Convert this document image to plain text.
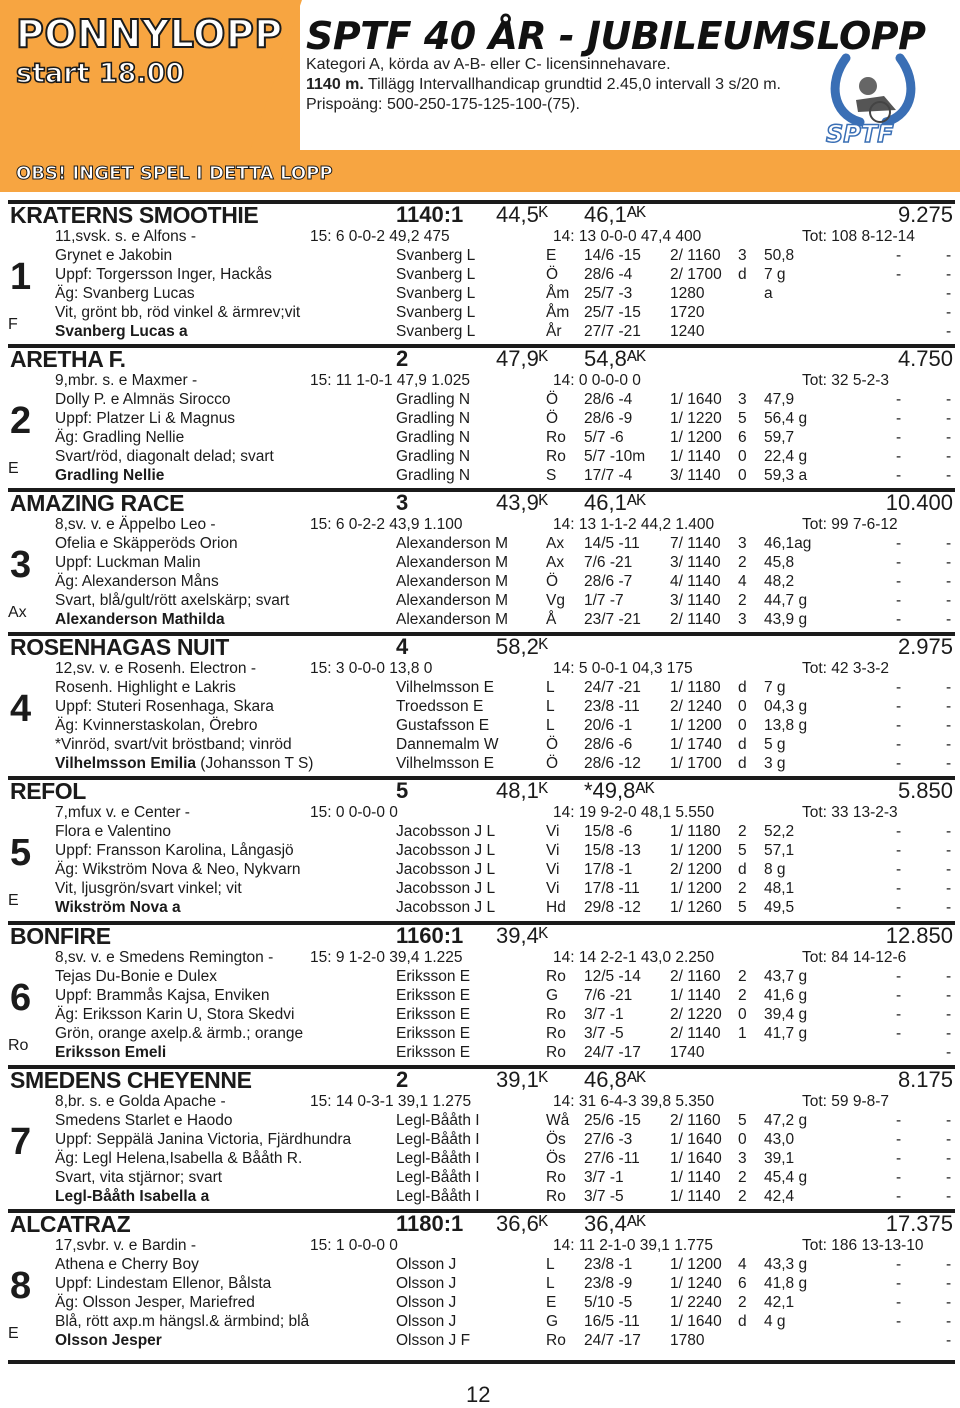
PONNYLOPP
start 18.00
SPTF 40 ÅR - JUBILEUMSLOPP
Kategori A, körda av A-B- eller C- licensinnehavare.
1140 m. Tillägg Intervallhandicap grundtid 2.45,0 intervall 3 s/20 m.
Prispoäng: 500-250-175-125-100-(75).
SPTF
OBS! INGET SPEL I DETTA LOPP
KRATERNS SMOOTHIE	1140:1 44,5ᴷ 46,1ᴬᴷ	9.275
1
F
11,svsk. s. e Alfons -
Grynet e Jakobin
Uppf: Torgersson Inger, Hackås
Äg: Svanberg Lucas
Vit, grönt bb, röd vinkel & ärmrev;vit
Svanberg Lucas a
15: 6 0-0-2 49,2 475	14: 13 0-0-0 47,4 400	Tot: 108 8-12-14
Svanberg L	E 14/6 -15 2/ 1160 3 50,8	-	-
Svanberg L	Ö 28/6 -4 2/ 1700 d 7 g	-	-
Svanberg L	Åm 25/7 -3 1280	a	-
Svanberg L	Åm 25/7 -15 1720	-
Svanberg L	År 27/7 -21 1240	-
ARETHA F.	2	47,9ᴷ 54,8ᴬᴷ	4.750
2
E
9,mbr. s. e Maxmer -
Dolly P. e Almnäs Sirocco
Uppf: Platzer Li & Magnus
Äg: Gradling Nellie
Svart/röd, diagonalt delad; svart
Gradling Nellie
15: 11 1-0-1 47,9 1.025	14: 0 0-0-0 0	Tot: 32 5-2-3
Gradling N	Ö 28/6 -4 1/ 1640 3 47,9	-	-
Gradling N	Ö 28/6 -9 1/ 1220 5 56,4 g	-	-
Gradling N	Ro 5/7 -6	1/ 1200 6 59,7	-	-
Gradling N	Ro 5/7 -10m 1/ 1140 0 22,4 g	-	-
Gradling N	S 17/7 -4 3/ 1140 0 59,3 a	-	-
AMAZING RACE	3	43,9ᴷ 46,1ᴬᴷ	10.400
3
Ax
8,sv. v. e Äppelbo Leo -
Ofelia e Skäpperöds Orion
Uppf: Luckman Malin
Äg: Alexanderson Måns
Svart, blå/gult/rött axelskärp; svart
Alexanderson Mathilda
15: 6 0-2-2 43,9 1.100	14: 13 1-1-2 44,2 1.400	Tot: 99 7-6-12
Alexanderson M Ax 14/5 -11 7/ 1140 3 46,1ag	-	-
Alexanderson M Ax 7/6 -21 3/ 1140 2 45,8	-	-
Alexanderson M Ö 28/6 -7 4/ 1140 4 48,2	-	-
Alexanderson M Vg 1/7 -7	3/ 1140 2 44,7 g	-	-
Alexanderson M Å 23/7 -21 2/ 1140 3 43,9 g	-	-
ROSENHAGAS NUIT	4	58,2ᴷ	2.975
4
12,sv. v. e Rosenh. Electron -
Rosenh. Highlight e Lakris
Uppf: Stuteri Rosenhaga, Skara
Äg: Kvinnerstaskolan, Örebro
*Vinröd, svart/vit bröstband; vinröd
Vilhelmsson Emilia (Johansson T S)
15: 3 0-0-0 13,8 0	14: 5 0-0-1 04,3 175	Tot: 42 3-3-2
Vilhelmsson E	L 24/7 -21 1/ 1180 d 7 g	-	-
Troedsson E	L 23/8 -11 2/ 1240 0 04,3 g	-	-
Gustafsson E	L 20/6 -1 1/ 1200 0 13,8 g	-	-
Dannemalm W	Ö 28/6 -6 1/ 1740 d 5 g	-	-
Vilhelmsson E	Ö 28/6 -12 1/ 1700 d 3 g	-	-
REFOL	5	48,1ᴷ *49,8ᴬᴷ	5.850
5
E
7,mfux v. e Center -
Flora e Valentino
Uppf: Fransson Karolina, Långasjö
Äg: Wikström Nova & Neo, Nykvarn
Vit, ljusgrön/svart vinkel; vit
Wikström Nova a
15: 0 0-0-0 0	14: 19 9-2-0 48,1 5.550	Tot: 33 13-2-3
Jacobsson J L	Vi 15/8 -6 1/ 1180 2 52,2	-	-
Jacobsson J L	Vi 15/8 -13 1/ 1200 5 57,1	-	-
Jacobsson J L	Vi 17/8 -1 2/ 1200 d 8 g	-	-
Jacobsson J L	Vi 17/8 -11 1/ 1200 2 48,1	-	-
Jacobsson J L	Hd 29/8 -12 1/ 1260 5 49,5	-	-
BONFIRE	1160:1 39,4ᴷ	12.850
6
Ro
8,sv. v. e Smedens Remington -
Tejas Du-Bonie e Dulex
Uppf: Brammås Kajsa, Enviken
Äg: Eriksson Karin U, Stora Skedvi
Grön, orange axelp.& ärmb.; orange
Eriksson Emeli
15: 9 1-2-0 39,4 1.225	14: 14 2-2-1 43,0 2.250	Tot: 84 14-12-6
Eriksson E	Ro 12/5 -14 2/ 1160 2 43,7 g	-	-
Eriksson E	G 7/6 -21 1/ 1140 2 41,6 g	-	-
Eriksson E	Ro 3/7 -1	2/ 1220 0 39,4 g	-	-
Eriksson E	Ro 3/7 -5	2/ 1140 1 41,7 g	-	-
Eriksson E	Ro 24/7 -17 1740	-
SMEDENS CHEYENNE	2	39,1ᴷ 46,8ᴬᴷ	8.175
7
8,br. s. e Golda Apache -
Smedens Starlet e Haodo
Uppf: Seppälä Janina Victoria, Fjärdhundra
Äg: Legl Helena,Isabella & Bååth R.
Svart, vita stjärnor; svart
Legl-Bååth Isabella a
15: 14 0-3-1 39,1 1.275	14: 31 6-4-3 39,8 5.350	Tot: 59 9-8-7
Legl-Bååth I	Wå 25/6 -15 2/ 1160 5 47,2 g	-	-
Legl-Bååth I	Ös 27/6 -3 1/ 1640 0 43,0	-	-
Legl-Bååth I	Ös 27/6 -11 1/ 1640 3 39,1	-	-
Legl-Bååth I	Ro 3/7 -1	1/ 1140 2 45,4 g	-	-
Legl-Bååth I	Ro 3/7 -5	1/ 1140 2 42,4	-	-
ALCATRAZ	1180:1 36,6ᴷ 36,4ᴬᴷ	17.375
8
E
17,svbr. v. e Bardin -
Athena e Cherry Boy
Uppf: Lindestam Ellenor, Bålsta
Äg: Olsson Jesper, Mariefred
Blå, rött axp.m hängsl.& ärmbind; blå
Olsson Jesper
15: 1 0-0-0 0	14: 11 2-1-0 39,1 1.775	Tot: 186 13-13-10
Olsson J	L 23/8 -1 1/ 1200 4 43,3 g	-	-
Olsson J	L 23/8 -9 1/ 1240 6 41,8 g	-	-
Olsson J	E 5/10 -5 1/ 2240 2 42,1	-	-
Olsson J	G 16/5 -11 1/ 1640 d 4 g	-	-
Olsson J F	Ro 24/7 -17 1780	-
12
